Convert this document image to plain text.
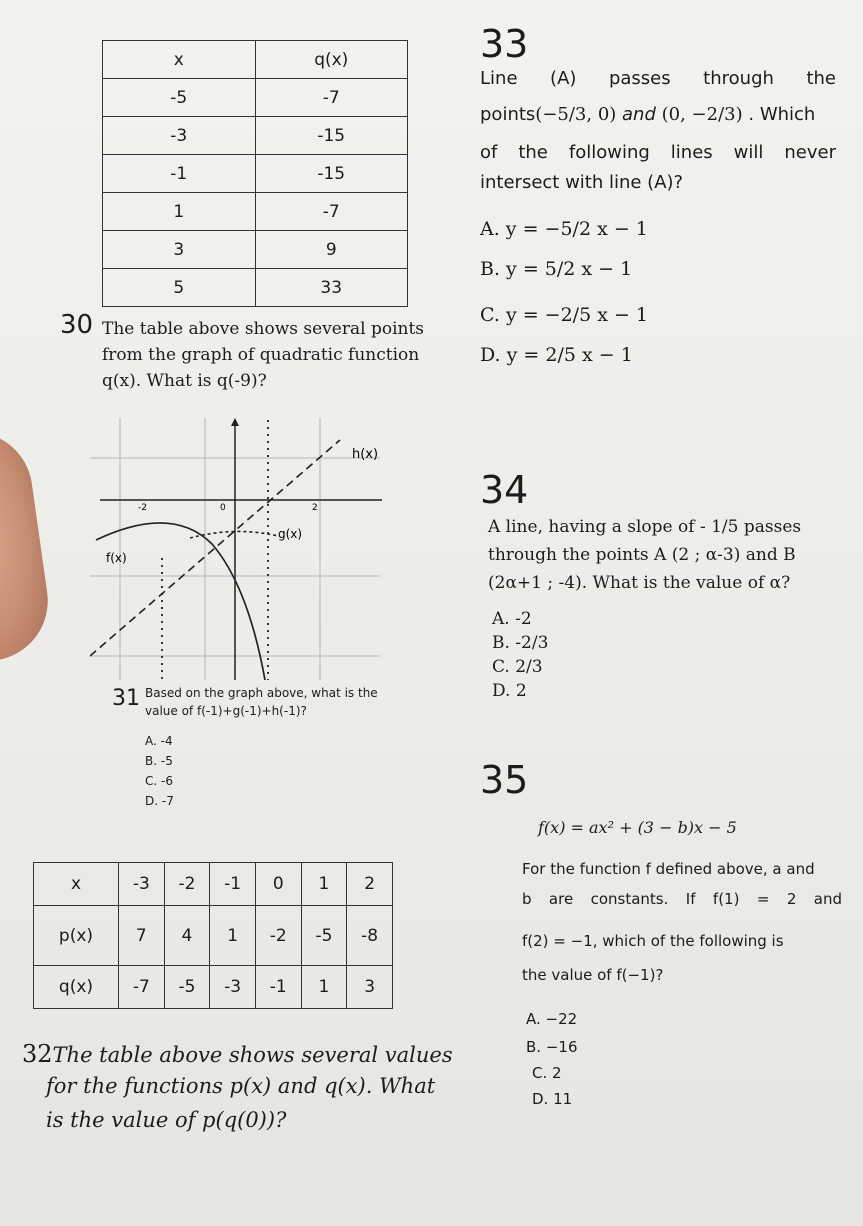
x	q(x)
-5	-7
-3	-15
-1	-15
1	-7
3	9
5	33
30 The table above shows several points
from the graph of quadratic function
q(x). What is q(-9)?
h(x)
g(x)
f(x)
-2	0	2
31 Based on the graph above, what is the
value of f(-1)+g(-1)+h(-1)?
A. -4
B. -5
C. -6
D. -7
x	-3	-2	-1	0	1	2
p(x)	7	4	1	-2	-5	-8
q(x)	-7	-5	-3	-1	1	3
32The table above shows several values
for the functions p(x) and q(x). What
is the value of p(q(0))?
33
Line (A) passes through the
points(−5/3, 0) and (0, −2/3) . Which
of the following lines will never
intersect with line (A)?
A. y = −5/2 x − 1
B. y = 5/2 x − 1
C. y = −2/5 x − 1
D. y = 2/5 x − 1
34
A line, having a slope of - 1/5 passes
through the points A (2 ; α-3) and B
(2α+1 ; -4). What is the value of α?
A. -2
B. -2/3
C. 2/3
D. 2
35
f(x) = ax² + (3 − b)x − 5
For the function f defined above, a and
b are constants. If f(1) = 2 and
f(2) = −1, which of the following is
the value of f(−1)?
A. −22
B. −16
C. 2
D. 11
